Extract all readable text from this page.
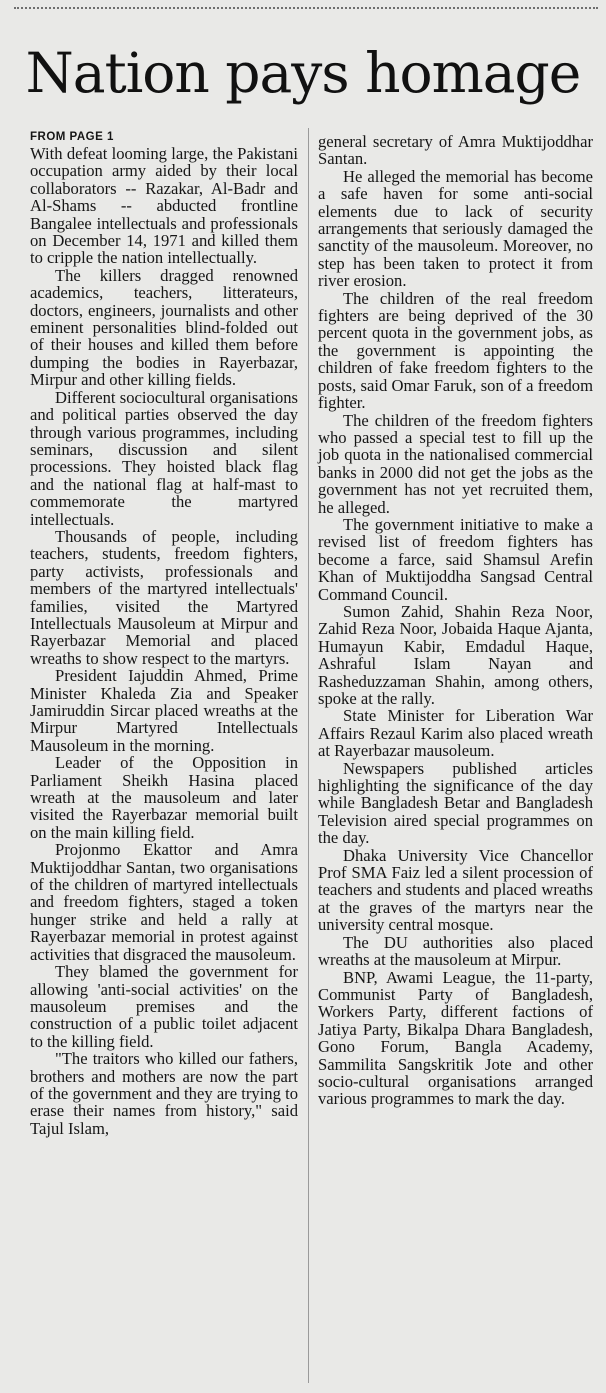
Nation pays homage
FROM PAGE 1

With defeat looming large, the Pakistani occupation army aided by their local collaborators -- Razakar, Al-Badr and Al-Shams -- abducted frontline Bangalee intellectuals and professionals on December 14, 1971 and killed them to cripple the nation intellectually.

The killers dragged renowned academics, teachers, litterateurs, doctors, engineers, journalists and other eminent personalities blind-folded out of their houses and killed them before dumping the bodies in Rayerbazar, Mirpur and other killing fields.

Different sociocultural organisations and political parties observed the day through various programmes, including seminars, discussion and silent processions. They hoisted black flag and the national flag at half-mast to commemorate the martyred intellectuals.

Thousands of people, including teachers, students, freedom fighters, party activists, professionals and members of the martyred intellectuals' families, visited the Martyred Intellectuals Mausoleum at Mirpur and Rayerbazar Memorial and placed wreaths to show respect to the martyrs.

President Iajuddin Ahmed, Prime Minister Khaleda Zia and Speaker Jamiruddin Sircar placed wreaths at the Mirpur Martyred Intellectuals Mausoleum in the morning.

Leader of the Opposition in Parliament Sheikh Hasina placed wreath at the mausoleum and later visited the Rayerbazar memorial built on the main killing field.

Projonmo Ekattor and Amra Muktijoddhar Santan, two organisations of the children of martyred intellectuals and freedom fighters, staged a token hunger strike and held a rally at Rayerbazar memorial in protest against activities that disgraced the mausoleum.

They blamed the government for allowing 'anti-social activities' on the mausoleum premises and the construction of a public toilet adjacent to the killing field.

"The traitors who killed our fathers, brothers and mothers are now the part of the government and they are trying to erase their names from history," said Tajul Islam,

general secretary of Amra Muktijoddhar Santan.

He alleged the memorial has become a safe haven for some anti-social elements due to lack of security arrangements that seriously damaged the sanctity of the mausoleum. Moreover, no step has been taken to protect it from river erosion.

The children of the real freedom fighters are being deprived of the 30 percent quota in the government jobs, as the government is appointing the children of fake freedom fighters to the posts, said Omar Faruk, son of a freedom fighter.

The children of the freedom fighters who passed a special test to fill up the job quota in the nationalised commercial banks in 2000 did not get the jobs as the government has not yet recruited them, he alleged.

The government initiative to make a revised list of freedom fighters has become a farce, said Shamsul Arefin Khan of Muktijoddha Sangsad Central Command Council.

Sumon Zahid, Shahin Reza Noor, Zahid Reza Noor, Jobaida Haque Ajanta, Humayun Kabir, Emdadul Haque, Ashraful Islam Nayan and Rasheduzzaman Shahin, among others, spoke at the rally.

State Minister for Liberation War Affairs Rezaul Karim also placed wreath at Rayerbazar mausoleum.

Newspapers published articles highlighting the significance of the day while Bangladesh Betar and Bangladesh Television aired special programmes on the day.

Dhaka University Vice Chancellor Prof SMA Faiz led a silent procession of teachers and students and placed wreaths at the graves of the martyrs near the university central mosque.

The DU authorities also placed wreaths at the mausoleum at Mirpur.

BNP, Awami League, the 11-party, Communist Party of Bangladesh, Workers Party, different factions of Jatiya Party, Bikalpa Dhara Bangladesh, Gono Forum, Bangla Academy, Sammilita Sangskritik Jote and other socio-cultural organisations arranged various programmes to mark the day.
